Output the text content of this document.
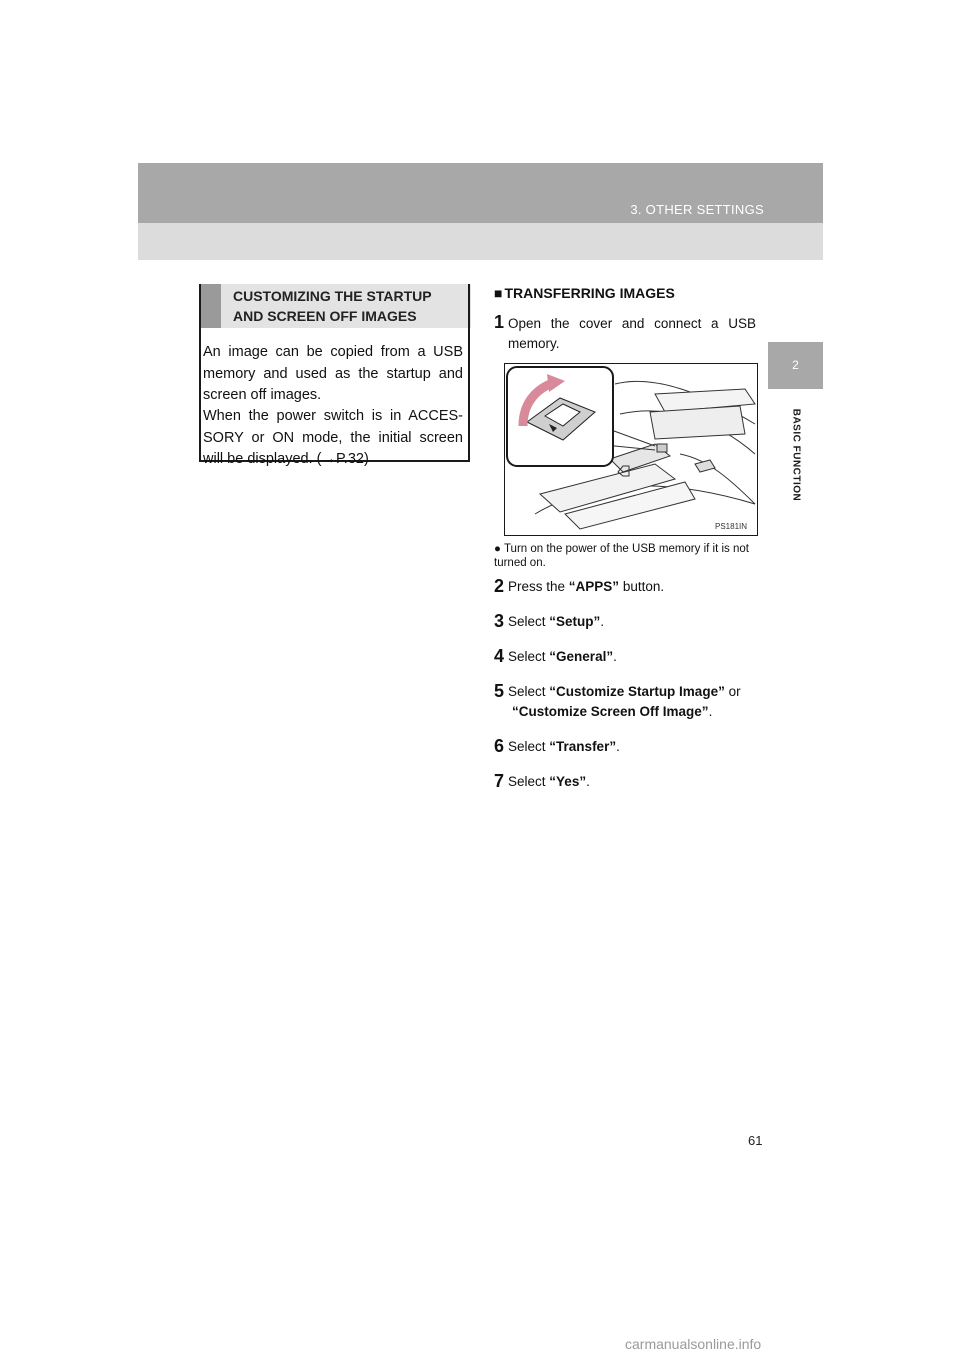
3. OTHER SETTINGS
2
BASIC FUNCTION
CUSTOMIZING THE STARTUP
AND SCREEN OFF IMAGES
An image can be copied from a USB memory and used as the startup and screen off images.
When the power switch is in ACCES-SORY or ON mode, the initial screen will be displayed. (→P.32)
■ TRANSFERRING IMAGES
1 Open the cover and connect a USB memory.
PS181IN
● Turn on the power of the USB memory if it is not turned on.
2 Press the “APPS” button.
3 Select “Setup”.
4 Select “General”.
5 Select “Customize Startup Image” or
“Customize Screen Off Image”.
6 Select “Transfer”.
7 Select “Yes”.
61
carmanualsonline.info
